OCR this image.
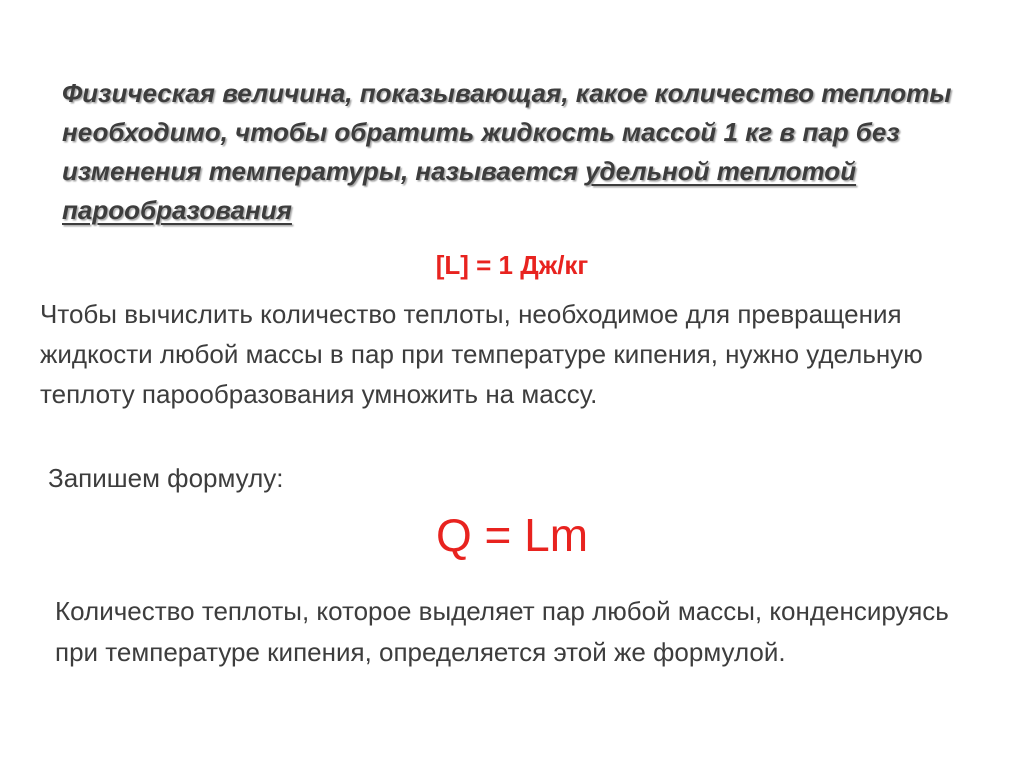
Физическая величина, показывающая, какое количество теплоты необходимо, чтобы обратить жидкость массой 1 кг в пар без изменения температуры, называется удельной теплотой парообразования
[L] = 1 Дж/кг
Чтобы вычислить количество теплоты, необходимое для превращения жидкости любой массы в пар при температуре кипения, нужно удельную теплоту парообразования умножить на массу.
Запишем формулу:
Q = Lm
Количество теплоты, которое выделяет пар любой массы, конденсируясь при температуре кипения, определяется этой же формулой.
